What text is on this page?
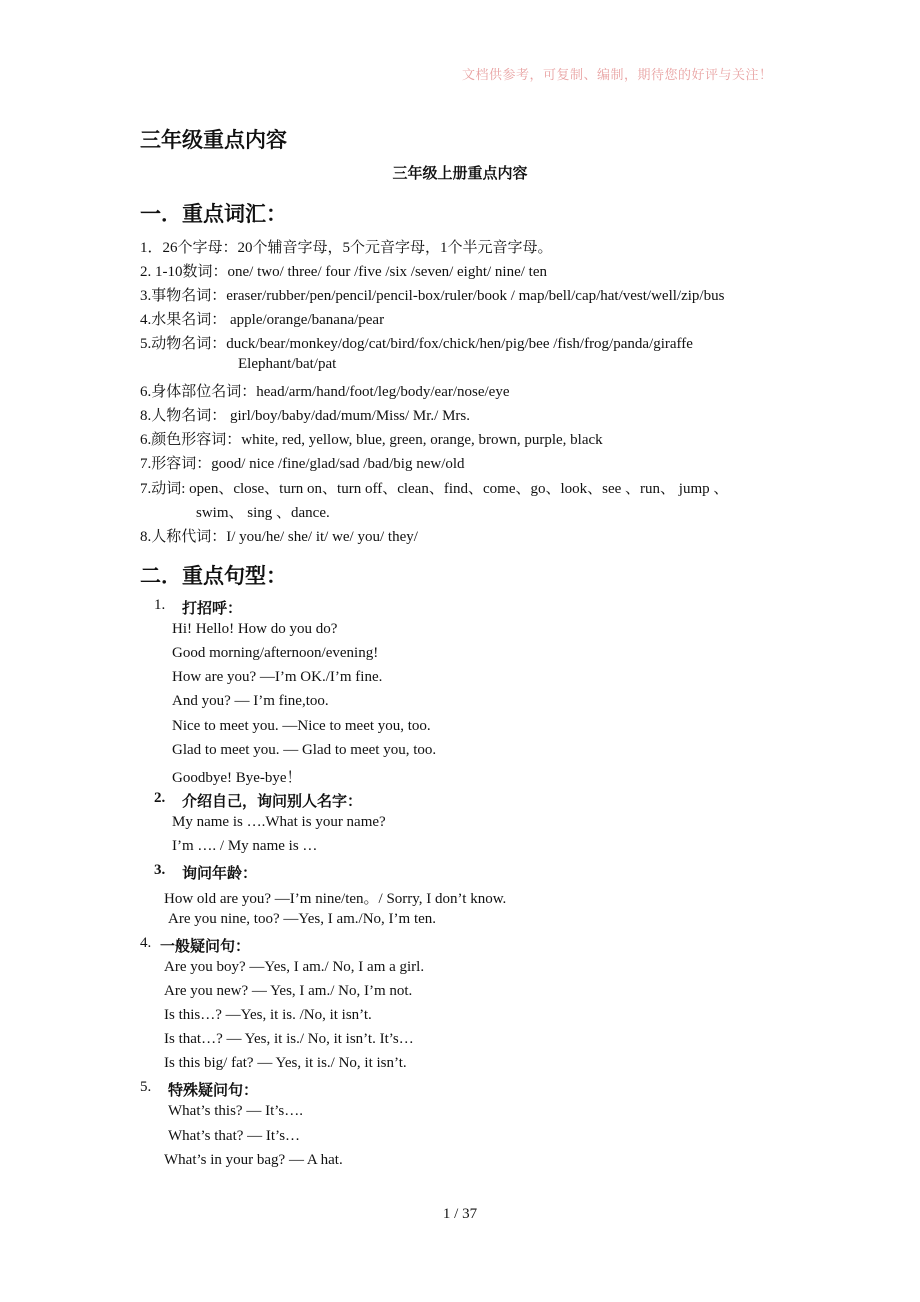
文档供参考，可复制、编制，期待您的好评与关注！
三年级重点内容
三年级上册重点内容
一．重点词汇：
1．26个字母：20个辅音字母，5个元音字母，1个半元音字母。
2. 1-10数词：one/ two/ three/ four /five /six /seven/ eight/ nine/ ten
3.事物名词：eraser/rubber/pen/pencil/pencil-box/ruler/book / map/bell/cap/hat/vest/well/zip/bus
4.水果名词： apple/orange/banana/pear
5.动物名词：duck/bear/monkey/dog/cat/bird/fox/chick/hen/pig/bee /fish/frog/panda/giraffe
Elephant/bat/pat
6.身体部位名词：head/arm/hand/foot/leg/body/ear/nose/eye
8.人物名词： girl/boy/baby/dad/mum/Miss/ Mr./ Mrs.
6.颜色形容词：white, red, yellow, blue, green, orange, brown, purple, black
7.形容词：good/ nice /fine/glad/sad /bad/big new/old
7.动词: open、close、turn on、turn off、clean、find、come、go、look、see 、run、 jump 、
swim、 sing 、dance.
8.人称代词：I/ you/he/ she/ it/ we/ you/ they/
二．重点句型：
1. 打招呼：
Hi! Hello! How do you do?
Good morning/afternoon/evening!
How are you? —I’m OK./I’m fine.
And you? — I’m fine,too.
Nice to meet you. —Nice to meet you, too.
Glad to meet you. — Glad to meet you, too.
Goodbye! Bye-bye！
2. 介绍自己，询问别人名字：
My name is ….What is your name?
I’m …. / My name is …
3. 询问年龄：
How old are you? —I’m nine/ten。/ Sorry, I don’t know.
Are you nine, too? —Yes, I am./No, I’m ten.
4. 一般疑问句：
Are you boy? —Yes, I am./ No, I am a girl.
Are you new? — Yes, I am./ No, I’m not.
Is this…? —Yes, it is. /No, it isn’t.
Is that…? — Yes, it is./ No, it isn’t. It’s…
Is this big/ fat? — Yes, it is./ No, it isn’t.
5. 特殊疑问句：
What’s this? — It’s….
What’s that? — It’s…
What’s in your bag? — A hat.
1 / 37
